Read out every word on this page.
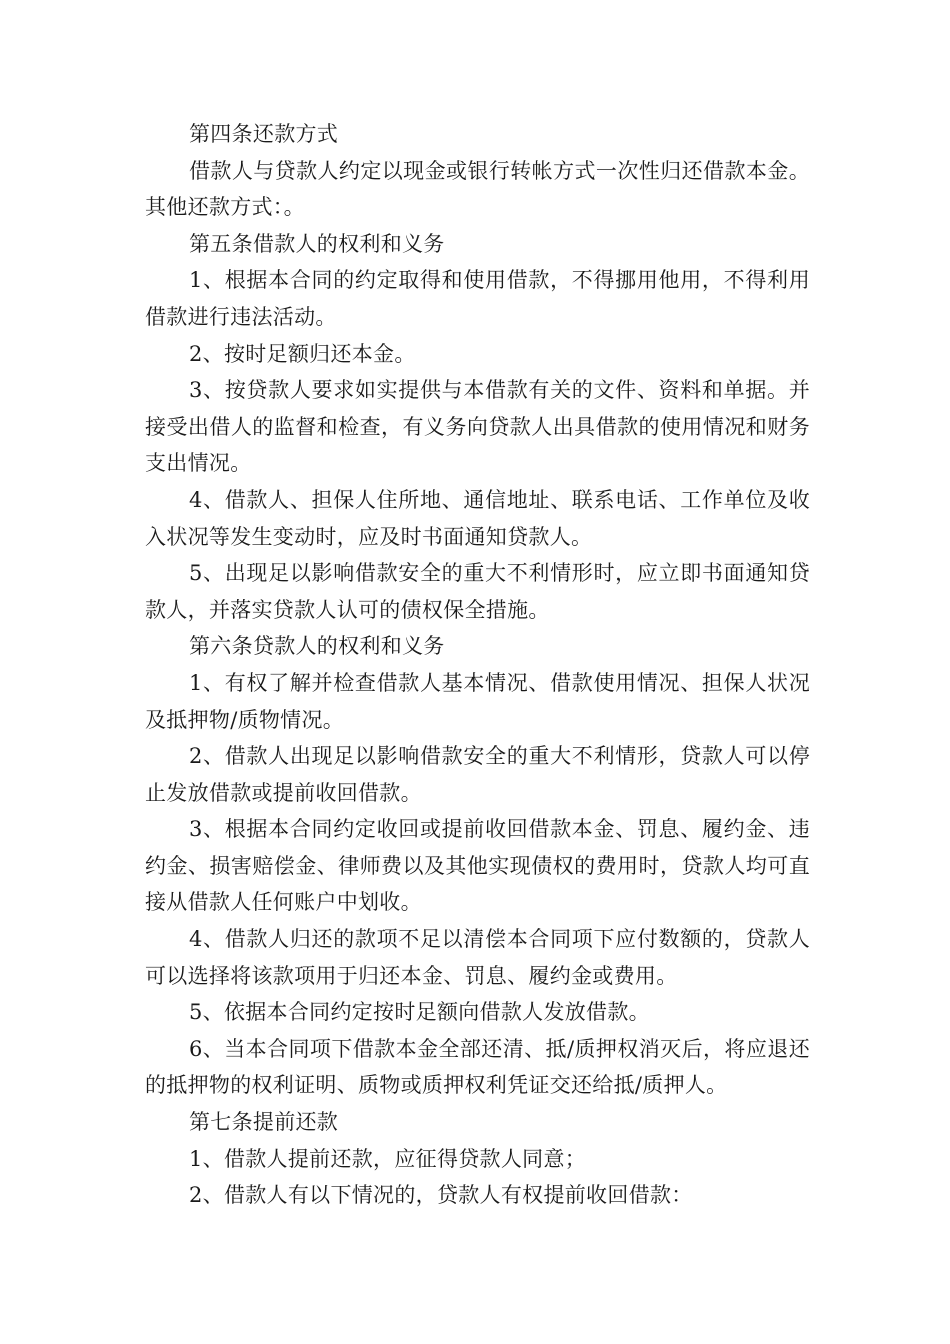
第四条还款方式

借款人与贷款人约定以现金或银行转帐方式一次性归还借款本金。其他还款方式：。

第五条借款人的权利和义务

1、根据本合同的约定取得和使用借款，不得挪用他用，不得利用借款进行违法活动。

2、按时足额归还本金。

3、按贷款人要求如实提供与本借款有关的文件、资料和单据。并接受出借人的监督和检查，有义务向贷款人出具借款的使用情况和财务支出情况。

4、借款人、担保人住所地、通信地址、联系电话、工作单位及收入状况等发生变动时，应及时书面通知贷款人。

5、出现足以影响借款安全的重大不利情形时，应立即书面通知贷款人，并落实贷款人认可的债权保全措施。

第六条贷款人的权利和义务

1、有权了解并检查借款人基本情况、借款使用情况、担保人状况及抵押物/质物情况。

2、借款人出现足以影响借款安全的重大不利情形，贷款人可以停止发放借款或提前收回借款。

3、根据本合同约定收回或提前收回借款本金、罚息、履约金、违约金、损害赔偿金、律师费以及其他实现债权的费用时，贷款人均可直接从借款人任何账户中划收。

4、借款人归还的款项不足以清偿本合同项下应付数额的，贷款人可以选择将该款项用于归还本金、罚息、履约金或费用。

5、依据本合同约定按时足额向借款人发放借款。

6、当本合同项下借款本金全部还清、抵/质押权消灭后，将应退还的抵押物的权利证明、质物或质押权利凭证交还给抵/质押人。

第七条提前还款

1、借款人提前还款，应征得贷款人同意；

2、借款人有以下情况的，贷款人有权提前收回借款：
